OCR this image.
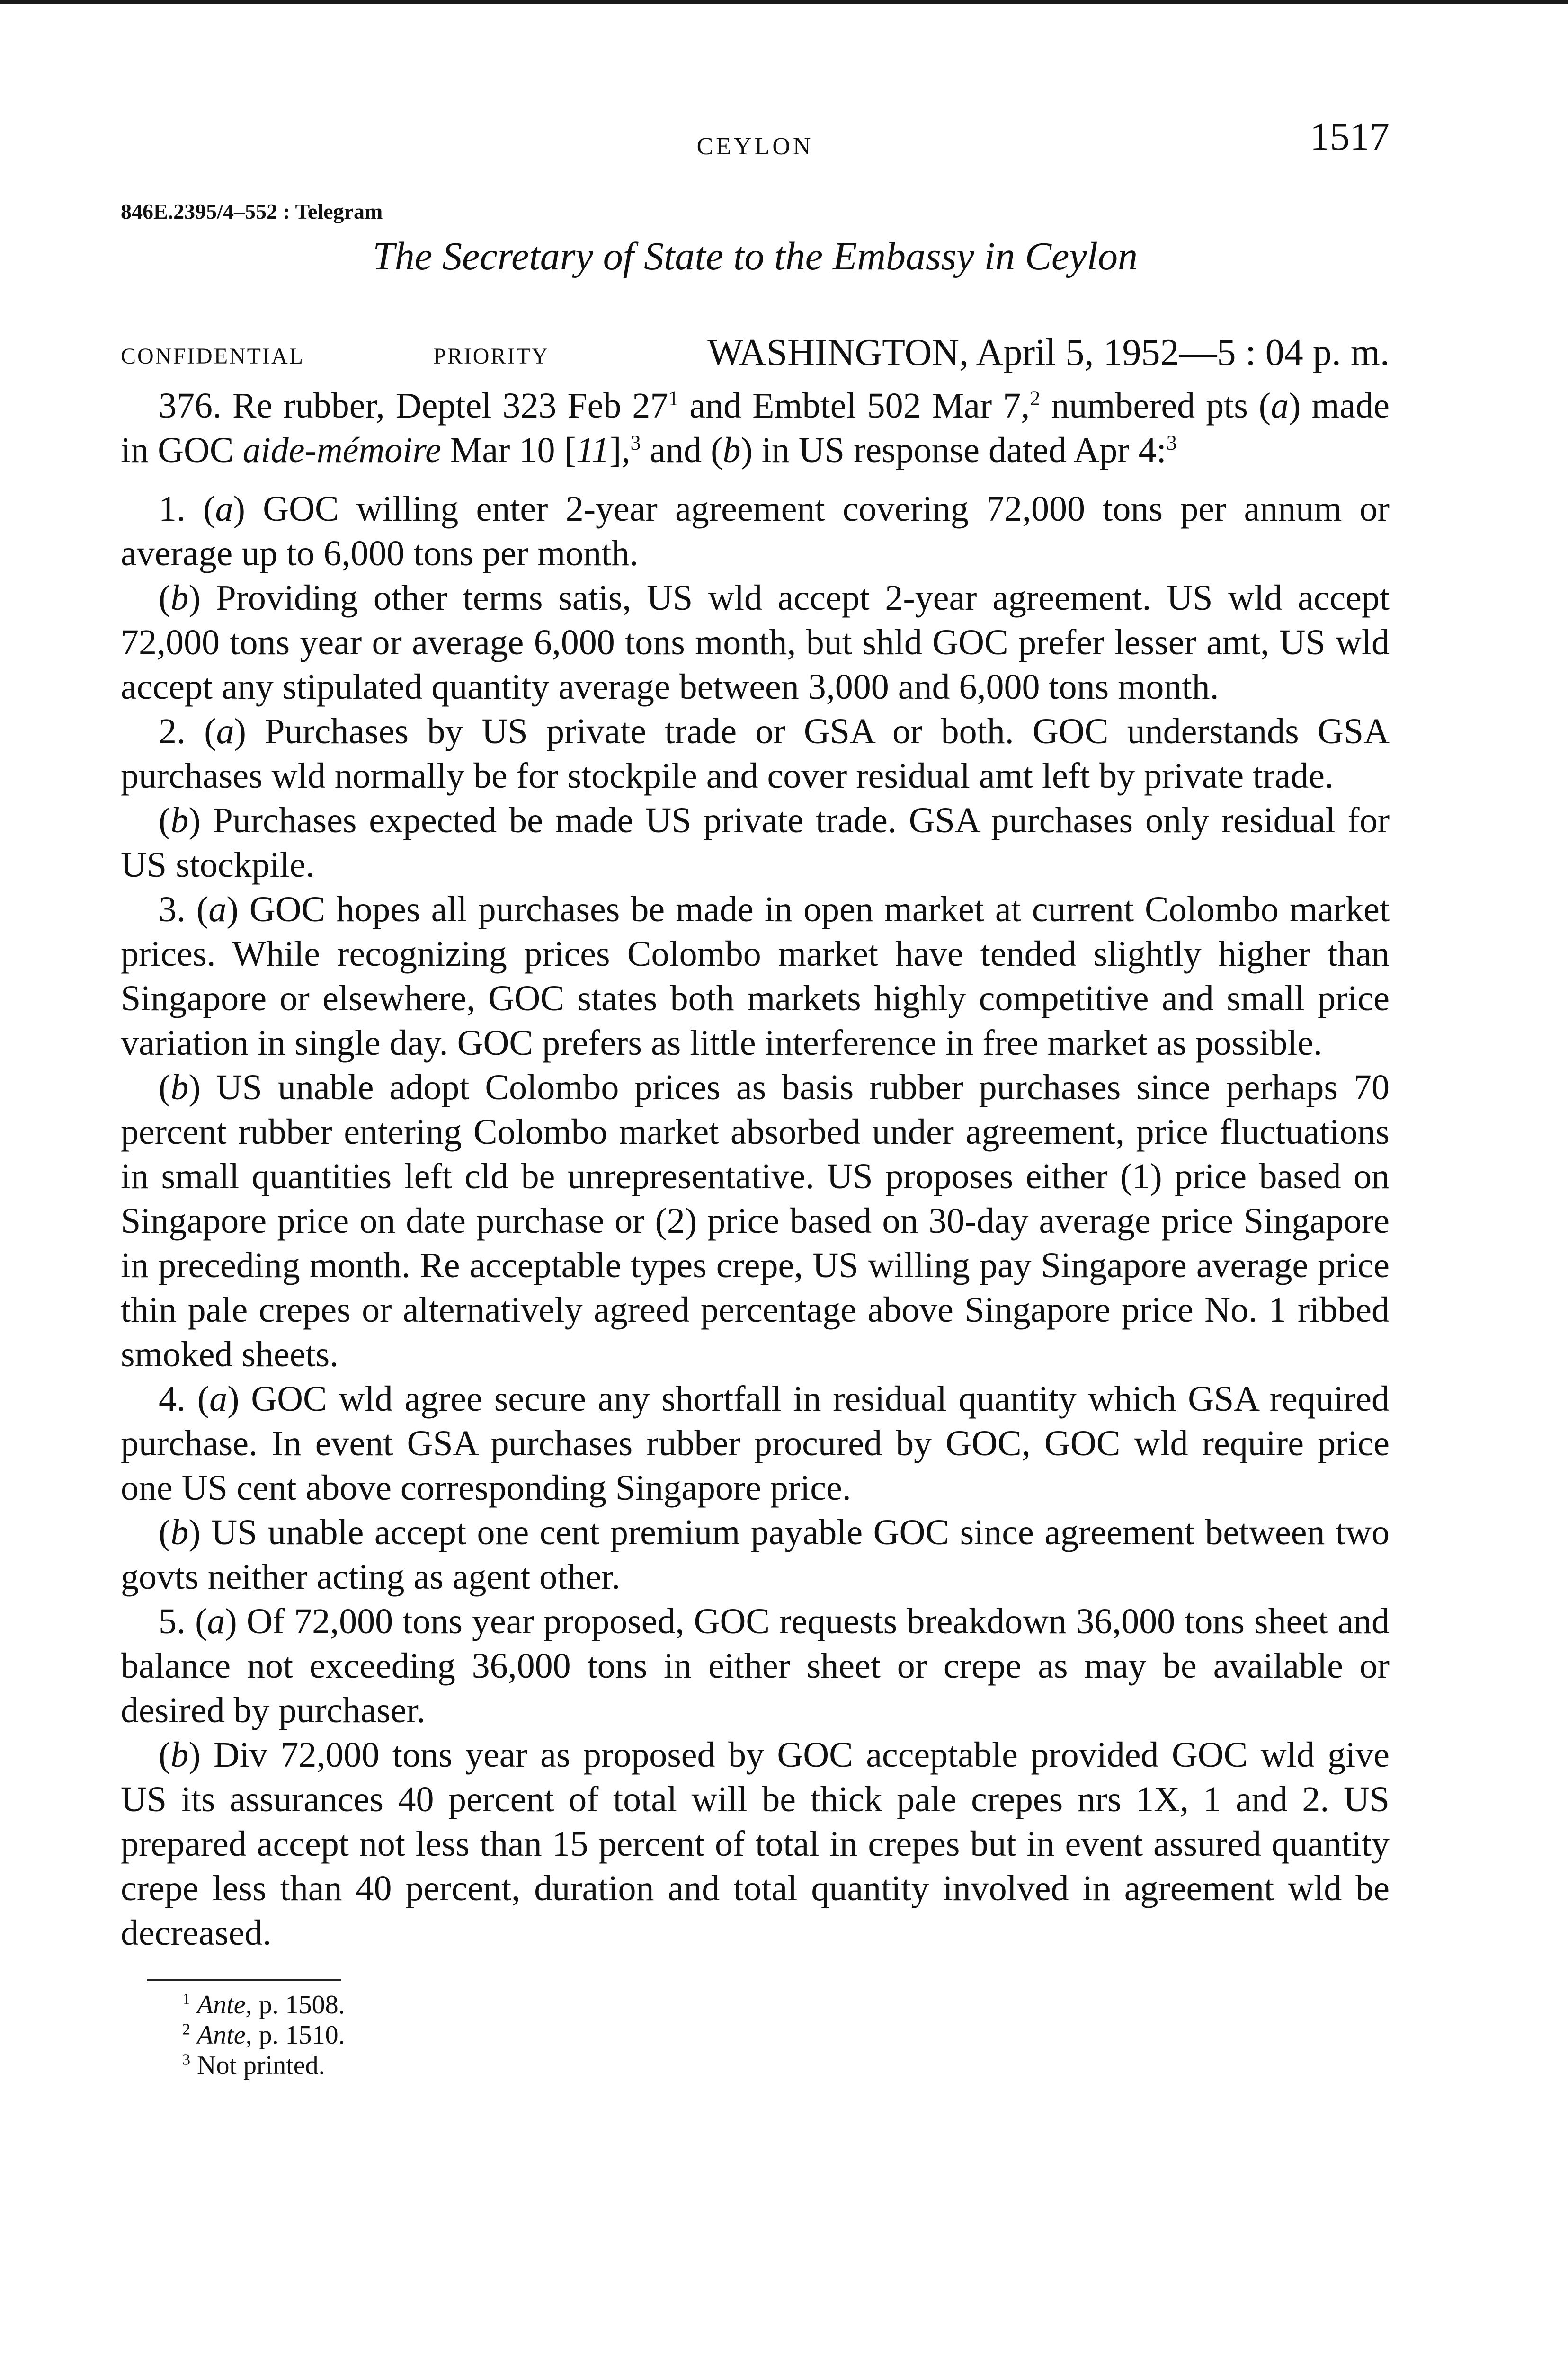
CEYLON	1517
846E.2395/4–552 : Telegram
The Secretary of State to the Embassy in Ceylon
CONFIDENTIAL	PRIORITY	WASHINGTON, April 5, 1952—5 : 04 p. m.

376. Re rubber, Deptel 323 Feb $27^1$ and Embtel 502 Mar 7,$^2$ numbered pts (a) made in GOC aide-mémoire Mar 10 [11],$^3$ and (b) in US response dated Apr 4:$^3$

1. (a) GOC willing enter 2-year agreement covering 72,000 tons per annum or average up to 6,000 tons per month.

(b) Providing other terms satis, US wld accept 2-year agreement. US wld accept 72,000 tons year or average 6,000 tons month, but shld GOC prefer lesser amt, US wld accept any stipulated quantity average between 3,000 and 6,000 tons month.

2. (a) Purchases by US private trade or GSA or both. GOC understands GSA purchases wld normally be for stockpile and cover residual amt left by private trade.

(b) Purchases expected be made US private trade. GSA purchases only residual for US stockpile.

3. (a) GOC hopes all purchases be made in open market at current Colombo market prices. While recognizing prices Colombo market have tended slightly higher than Singapore or elsewhere, GOC states both markets highly competitive and small price variation in single day. GOC prefers as little interference in free market as possible.

(b) US unable adopt Colombo prices as basis rubber purchases since perhaps 70 percent rubber entering Colombo market absorbed under agreement, price fluctuations in small quantities left cld be unrepresentative. US proposes either (1) price based on Singapore price on date purchase or (2) price based on 30-day average price Singapore in preceding month. Re acceptable types crepe, US willing pay Singapore average price thin pale crepes or alternatively agreed percentage above Singapore price No. 1 ribbed smoked sheets.

4. (a) GOC wld agree secure any shortfall in residual quantity which GSA required purchase. In event GSA purchases rubber procured by GOC, GOC wld require price one US cent above corresponding Singapore price.

(b) US unable accept one cent premium payable GOC since agreement between two govts neither acting as agent other.

5. (a) Of 72,000 tons year proposed, GOC requests breakdown 36,000 tons sheet and balance not exceeding 36,000 tons in either sheet or crepe as may be available or desired by purchaser.

(b) Div 72,000 tons year as proposed by GOC acceptable provided GOC wld give US its assurances 40 percent of total will be thick pale crepes nrs 1X, 1 and 2. US prepared accept not less than 15 percent of total in crepes but in event assured quantity crepe less than 40 percent, duration and total quantity involved in agreement wld be decreased.

$^1$ Ante, p. 1508.
$^2$ Ante, p. 1510.
$^3$ Not printed.
